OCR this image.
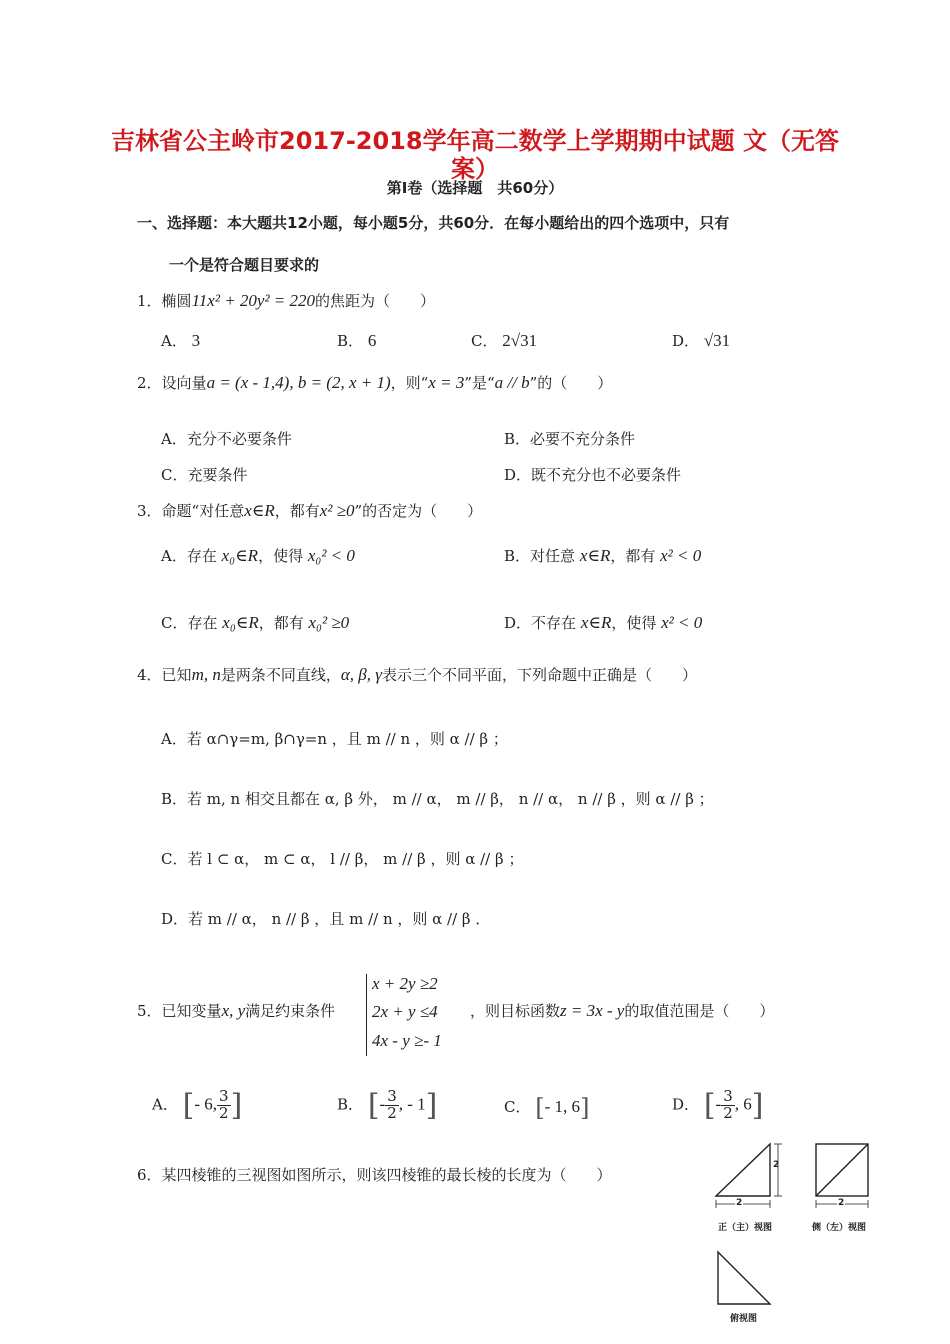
吉林省公主岭市2017-2018学年高二数学上学期期中试题 文（无答
案）
第Ⅰ卷（选择题　共60分）
一、选择题：本大题共12小题，每小题5分，共60分．在每小题给出的四个选项中，只有
一个是符合题目要求的
1．椭圆11x² + 20y² = 220的焦距为（　　）
A． 3	B． 6	C． 2√31	D． √31
2．设向量a = (x - 1,4), b = (2, x + 1)，则“x = 3”是“a // b”的（　　）
A．充分不必要条件	B．必要不充分条件
C．充要条件	D．既不充分也不必要条件
3．命题“对任意x∈R，都有x² ≥0”的否定为（　　）
A．存在 x₀∈R，使得 x₀² < 0	B．对任意 x∈R，都有 x² < 0
C．存在 x₀∈R，都有 x₀² ≥0	D．不存在 x∈R，使得 x² < 0
4．已知m, n是两条不同直线，α, β, γ表示三个不同平面，下列命题中正确是（　　）
A．若 α∩γ=m, β∩γ=n ，且 m // n ，则 α // β ；
B．若 m, n 相交且都在 α, β 外， m // α， m // β， n // α， n // β ，则 α // β ；
C．若 l ⊂ α， m ⊂ α， l // β， m // β ，则 α // β ；
D．若 m // α， n // β ，且 m // n ，则 α // β ．
5．已知变量x, y满足约束条件
x + 2y ≥2
2x + y ≤4
4x - y ≥- 1
，则目标函数z = 3x - y的取值范围是（　　）
A． [- 6, $\frac{3}{2}$ ]	B． [- $\frac{3}{2}$ , - 1]	C． [- 1, 6]	D． [- $\frac{3}{2}$ , 6]
6．某四棱锥的三视图如图所示，则该四棱锥的最长棱的长度为（　　）
2
2
2
正（主）视图	侧（左）视图
俯视图
